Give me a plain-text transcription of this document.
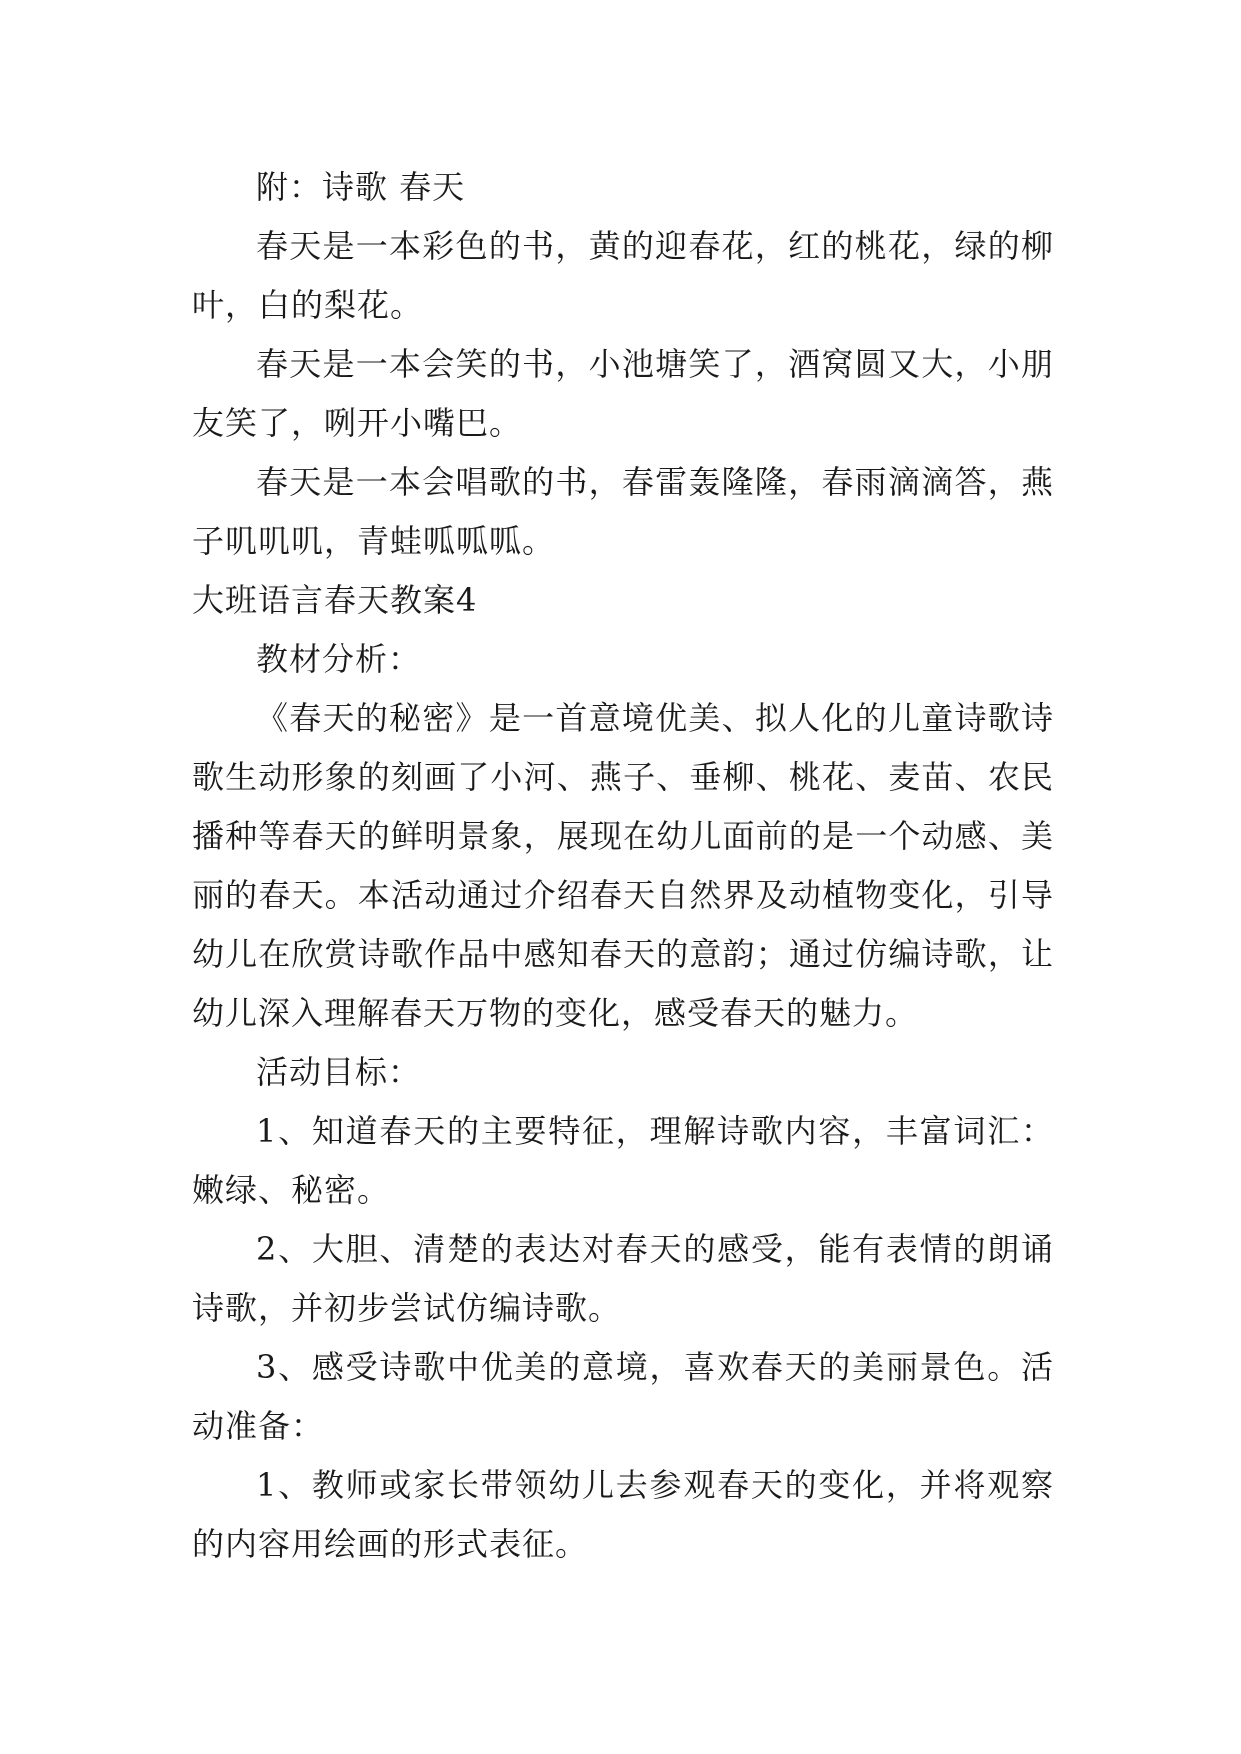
附：诗歌 春天

春天是一本彩色的书，黄的迎春花，红的桃花，绿的柳叶，白的梨花。

春天是一本会笑的书，小池塘笑了，酒窝圆又大，小朋友笑了，咧开小嘴巴。

春天是一本会唱歌的书，春雷轰隆隆，春雨滴滴答，燕子叽叽叽，青蛙呱呱呱。

大班语言春天教案4

教材分析：

《春天的秘密》是一首意境优美、拟人化的儿童诗歌诗歌生动形象的刻画了小河、燕子、垂柳、桃花、麦苗、农民播种等春天的鲜明景象，展现在幼儿面前的是一个动感、美丽的春天。本活动通过介绍春天自然界及动植物变化，引导幼儿在欣赏诗歌作品中感知春天的意韵；通过仿编诗歌，让幼儿深入理解春天万物的变化，感受春天的魅力。

活动目标：

1、知道春天的主要特征，理解诗歌内容，丰富词汇：嫩绿、秘密。

2、大胆、清楚的表达对春天的感受，能有表情的朗诵诗歌，并初步尝试仿编诗歌。

3、感受诗歌中优美的意境，喜欢春天的美丽景色。活动准备：

1、教师或家长带领幼儿去参观春天的变化，并将观察的内容用绘画的形式表征。
